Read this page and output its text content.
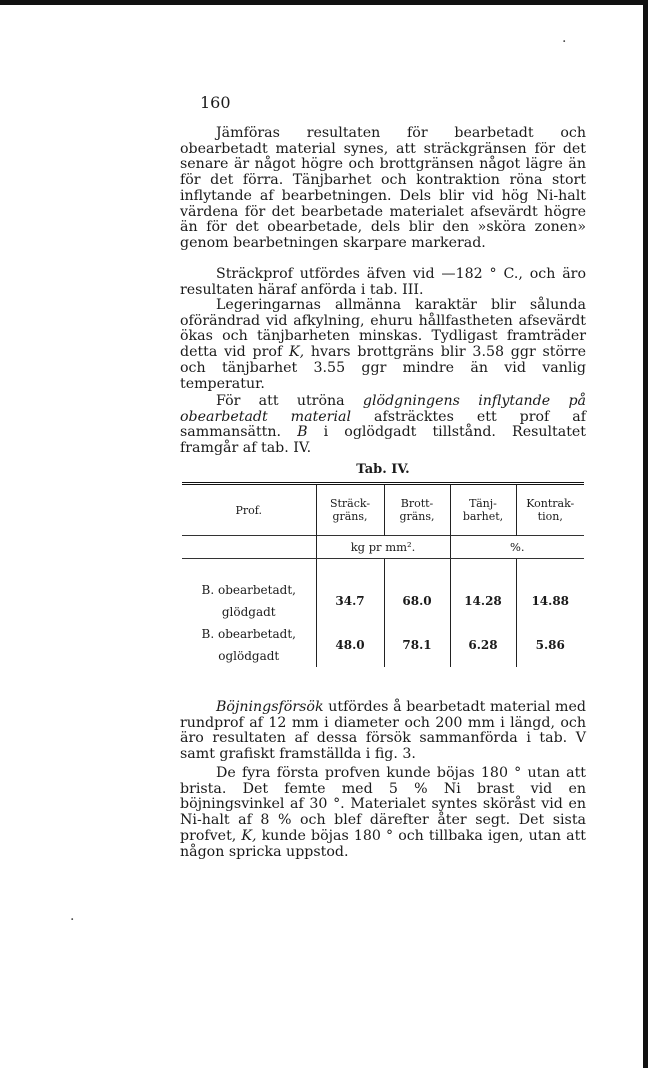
·
·
160

Jämföras resultaten för bearbetadt och obearbetadt material synes, att sträckgränsen för det senare är något högre och brottgränsen något lägre än för det förra. Tänjbarhet och kontraktion röna stort inflytande af bearbetningen. Dels blir vid hög Ni-halt värdena för det bearbetade materialet afsevärdt högre än för det obearbetade, dels blir den »sköra zonen» genom bearbetningen skarpare markerad.

Sträckprof utfördes äfven vid —182 ° C., och äro resultaten häraf anförda i tab. III.

Legeringarnas allmänna karaktär blir sålunda oförändrad vid afkylning, ehuru hållfastheten afsevärdt ökas och tänjbarheten minskas. Tydligast framträder detta vid prof K, hvars brottgräns blir 3.58 ggr större och tänjbarhet 3.55 ggr mindre än vid vanlig temperatur.

För att utröna glödgningens inflytande på obearbetadt material afsträcktes ett prof af sammansättn. B i oglödgadt tillstånd. Resultatet framgår af tab. IV.

Tab. IV.
Prof.	Sträck-gräns,	Brott-gräns,	Tänj-barhet,	Kontrak-tion,
	kg pr mm².		%.	

B. obearbetadt, glödgadt	34.7	68.0	14.28	14.88
B. obearbetadt, oglödgadt	48.0	78.1	6.28	5.86

Böjningsförsök utfördes å bearbetadt material med rundprof af 12 mm i diameter och 200 mm i längd, och äro resultaten af dessa försök sammanförda i tab. V samt grafiskt framställda i fig. 3.

De fyra första profven kunde böjas 180 ° utan att brista. Det femte med 5 % Ni brast vid en böjningsvinkel af 30 °. Materialet syntes sköråst vid en Ni-halt af 8 % och blef därefter åter segt. Det sista profvet, K, kunde böjas 180 ° och tillbaka igen, utan att någon spricka uppstod.
